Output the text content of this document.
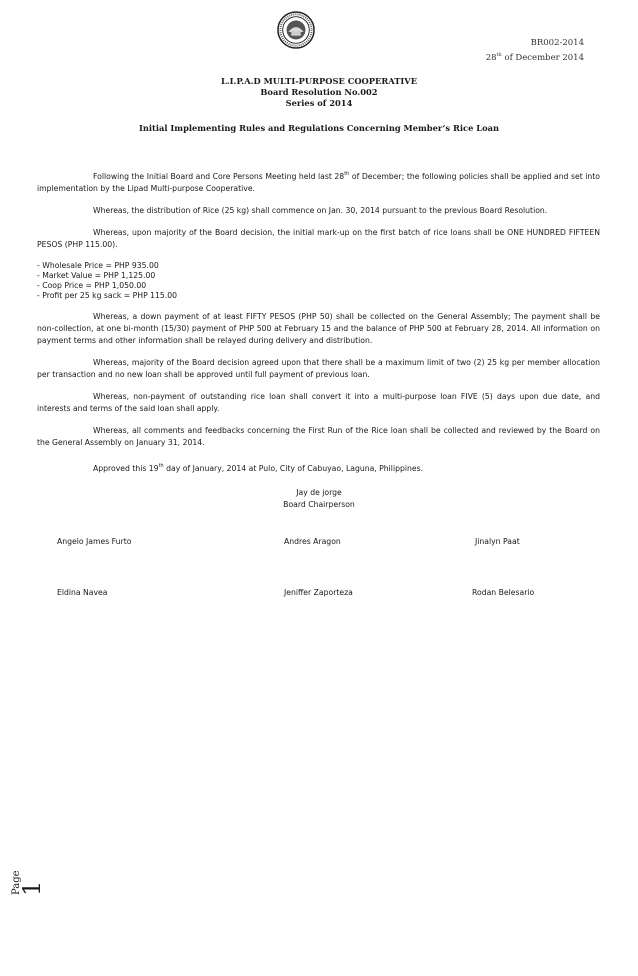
BR002-2014
28th of December 2014
L.I.P.A.D MULTI-PURPOSE COOPERATIVE
Board Resolution No.002
Series of 2014
Initial Implementing Rules and Regulations Concerning Member’s Rice Loan

Following the Initial Board and Core Persons Meeting held last 28th of December; the following policies shall be applied and set into implementation by the Lipad Multi-purpose Cooperative.

Whereas, the distribution of Rice (25 kg) shall commence on Jan. 30, 2014 pursuant to the previous Board Resolution.

Whereas, upon majority of the Board decision, the initial mark-up on the first batch of rice loans shall be ONE HUNDRED FIFTEEN PESOS (PHP 115.00).

- Wholesale Price = PHP 935.00
- Market Value = PHP 1,125.00
- Coop Price = PHP 1,050.00
- Profit per 25 kg sack = PHP 115.00

Whereas, a down payment of at least FIFTY PESOS (PHP 50) shall be collected on the General Assembly; The payment shall be non-collection, at one bi-month (15/30) payment of PHP 500 at February 15 and the balance of PHP 500 at February 28, 2014. All information on payment terms and other information shall be relayed during delivery and distribution.

Whereas, majority of the Board decision agreed upon that there shall be a maximum limit of two (2) 25 kg per member allocation per transaction and no new loan shall be approved until full payment of previous loan.

Whereas, non-payment of outstanding rice loan shall convert it into a multi-purpose loan FIVE (5) days upon due date, and interests and terms of the said loan shall apply.

Whereas, all comments and feedbacks concerning the First Run of the Rice loan shall be collected and reviewed by the Board on the General Assembly on January 31, 2014.

Approved this 19th day of January, 2014 at Pulo, City of Cabuyao, Laguna, Philippines.

Jay de jorge
Board Chairperson
Angelo James Furto	Andres Aragon	Jinalyn Paat
Eldina Navea	Jeniffer Zaporteza	Rodan Belesario
Page
1
